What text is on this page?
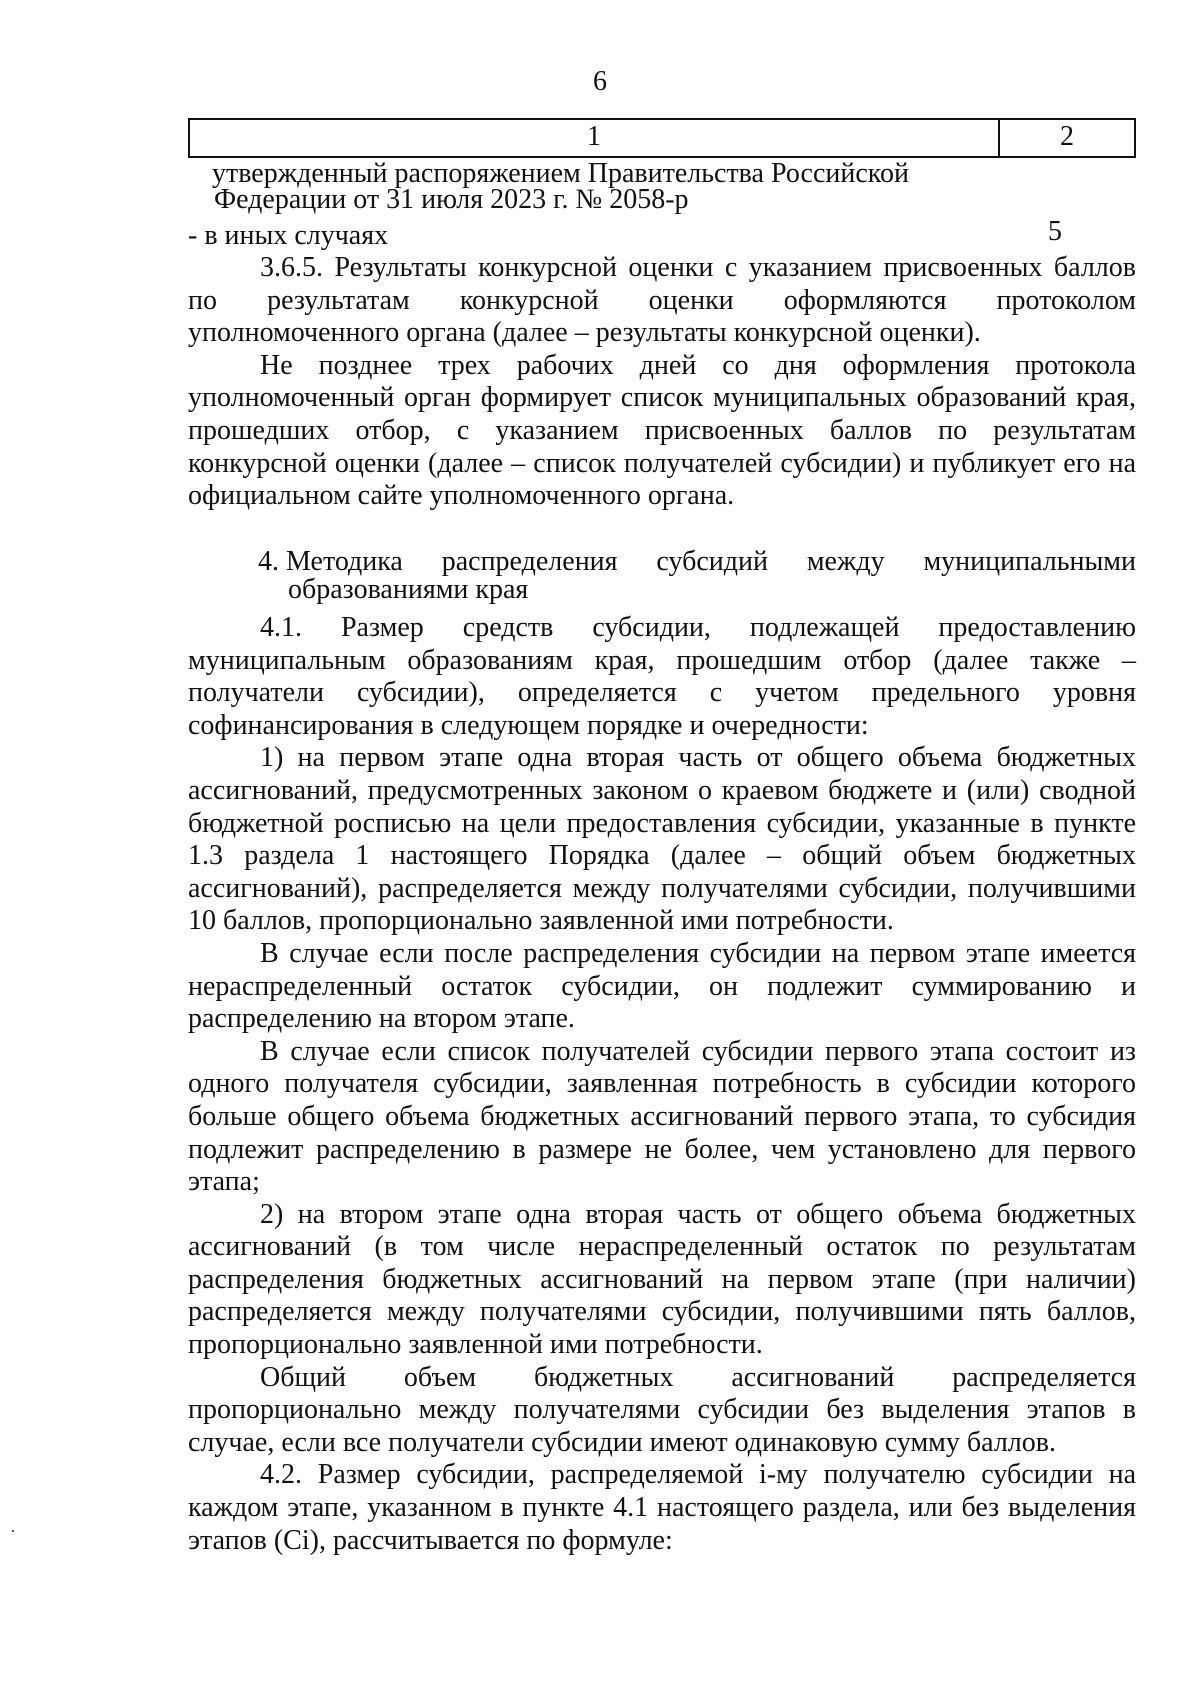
6
1	2
утвержденный распоряжением Правительства Российской
Федерации от 31 июля 2023 г. № 2058-р
- в иных случаях	5

3.6.5. Результаты конкурсной оценки с указанием присвоенных баллов по результатам конкурсной оценки оформляются протоколом уполномоченного органа (далее – результаты конкурсной оценки).

Не позднее трех рабочих дней со дня оформления протокола уполномоченный орган формирует список муниципальных образований края, прошедших отбор, с указанием присвоенных баллов по результатам конкурсной оценки (далее – список получателей субсидии) и публикует его на официальном сайте уполномоченного органа.

4. Методика распределения субсидий между муниципальными
образованиями края

4.1. Размер средств субсидии, подлежащей предоставлению муниципальным образованиям края, прошедшим отбор (далее также – получатели субсидии), определяется с учетом предельного уровня софинансирования в следующем порядке и очередности:

1) на первом этапе одна вторая часть от общего объема бюджетных ассигнований, предусмотренных законом о краевом бюджете и (или) сводной бюджетной росписью на цели предоставления субсидии, указанные в пункте 1.3 раздела 1 настоящего Порядка (далее – общий объем бюджетных ассигнований), распределяется между получателями субсидии, получившими 10 баллов, пропорционально заявленной ими потребности.

В случае если после распределения субсидии на первом этапе имеется нераспределенный остаток субсидии, он подлежит суммированию и распределению на втором этапе.

В случае если список получателей субсидии первого этапа состоит из одного получателя субсидии, заявленная потребность в субсидии которого больше общего объема бюджетных ассигнований первого этапа, то субсидия подлежит распределению в размере не более, чем установлено для первого этапа;

2) на втором этапе одна вторая часть от общего объема бюджетных ассигнований (в том числе нераспределенный остаток по результатам распределения бюджетных ассигнований на первом этапе (при наличии) распределяется между получателями субсидии, получившими пять баллов, пропорционально заявленной ими потребности.

Общий объем бюджетных ассигнований распределяется пропорционально между получателями субсидии без выделения этапов в случае, если все получатели субсидии имеют одинаковую сумму баллов.

4.2. Размер субсидии, распределяемой i-му получателю субсидии на каждом этапе, указанном в пункте 4.1 настоящего раздела, или без выделения этапов (Ci), рассчитывается по формуле:
